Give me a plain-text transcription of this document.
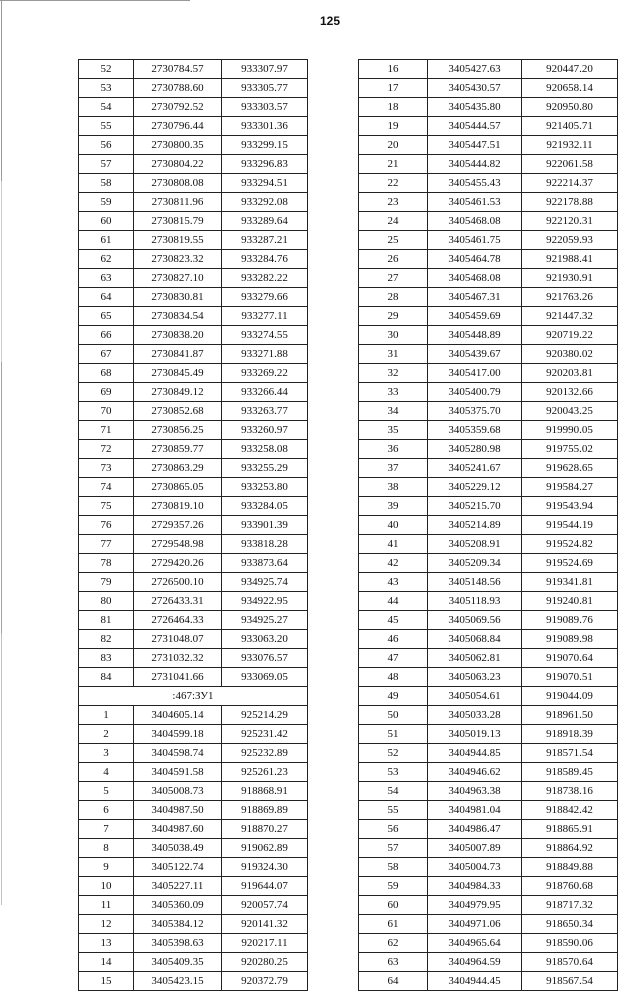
125
52	2730784.57	933307.97
53	2730788.60	933305.77
54	2730792.52	933303.57
55	2730796.44	933301.36
56	2730800.35	933299.15
57	2730804.22	933296.83
58	2730808.08	933294.51
59	2730811.96	933292.08
60	2730815.79	933289.64
61	2730819.55	933287.21
62	2730823.32	933284.76
63	2730827.10	933282.22
64	2730830.81	933279.66
65	2730834.54	933277.11
66	2730838.20	933274.55
67	2730841.87	933271.88
68	2730845.49	933269.22
69	2730849.12	933266.44
70	2730852.68	933263.77
71	2730856.25	933260.97
72	2730859.77	933258.08
73	2730863.29	933255.29
74	2730865.05	933253.80
75	2730819.10	933284.05
76	2729357.26	933901.39
77	2729548.98	933818.28
78	2729420.26	933873.64
79	2726500.10	934925.74
80	2726433.31	934922.95
81	2726464.33	934925.27
82	2731048.07	933063.20
83	2731032.32	933076.57
84	2731041.66	933069.05
:467:ЗУ1		
1	3404605.14	925214.29
2	3404599.18	925231.42
3	3404598.74	925232.89
4	3404591.58	925261.23
5	3405008.73	918868.91
6	3404987.50	918869.89
7	3404987.60	918870.27
8	3405038.49	919062.89
9	3405122.74	919324.30
10	3405227.11	919644.07
11	3405360.09	920057.74
12	3405384.12	920141.32
13	3405398.63	920217.11
14	3405409.35	920280.25
15	3405423.15	920372.79
16	3405427.63	920447.20
17	3405430.57	920658.14
18	3405435.80	920950.80
19	3405444.57	921405.71
20	3405447.51	921932.11
21	3405444.82	922061.58
22	3405455.43	922214.37
23	3405461.53	922178.88
24	3405468.08	922120.31
25	3405461.75	922059.93
26	3405464.78	921988.41
27	3405468.08	921930.91
28	3405467.31	921763.26
29	3405459.69	921447.32
30	3405448.89	920719.22
31	3405439.67	920380.02
32	3405417.00	920203.81
33	3405400.79	920132.66
34	3405375.70	920043.25
35	3405359.68	919990.05
36	3405280.98	919755.02
37	3405241.67	919628.65
38	3405229.12	919584.27
39	3405215.70	919543.94
40	3405214.89	919544.19
41	3405208.91	919524.82
42	3405209.34	919524.69
43	3405148.56	919341.81
44	3405118.93	919240.81
45	3405069.56	919089.76
46	3405068.84	919089.98
47	3405062.81	919070.64
48	3405063.23	919070.51
49	3405054.61	919044.09
50	3405033.28	918961.50
51	3405019.13	918918.39
52	3404944.85	918571.54
53	3404946.62	918589.45
54	3404963.38	918738.16
55	3404981.04	918842.42
56	3404986.47	918865.91
57	3405007.89	918864.92
58	3405004.73	918849.88
59	3404984.33	918760.68
60	3404979.95	918717.32
61	3404971.06	918650.34
62	3404965.64	918590.06
63	3404964.59	918570.64
64	3404944.45	918567.54
